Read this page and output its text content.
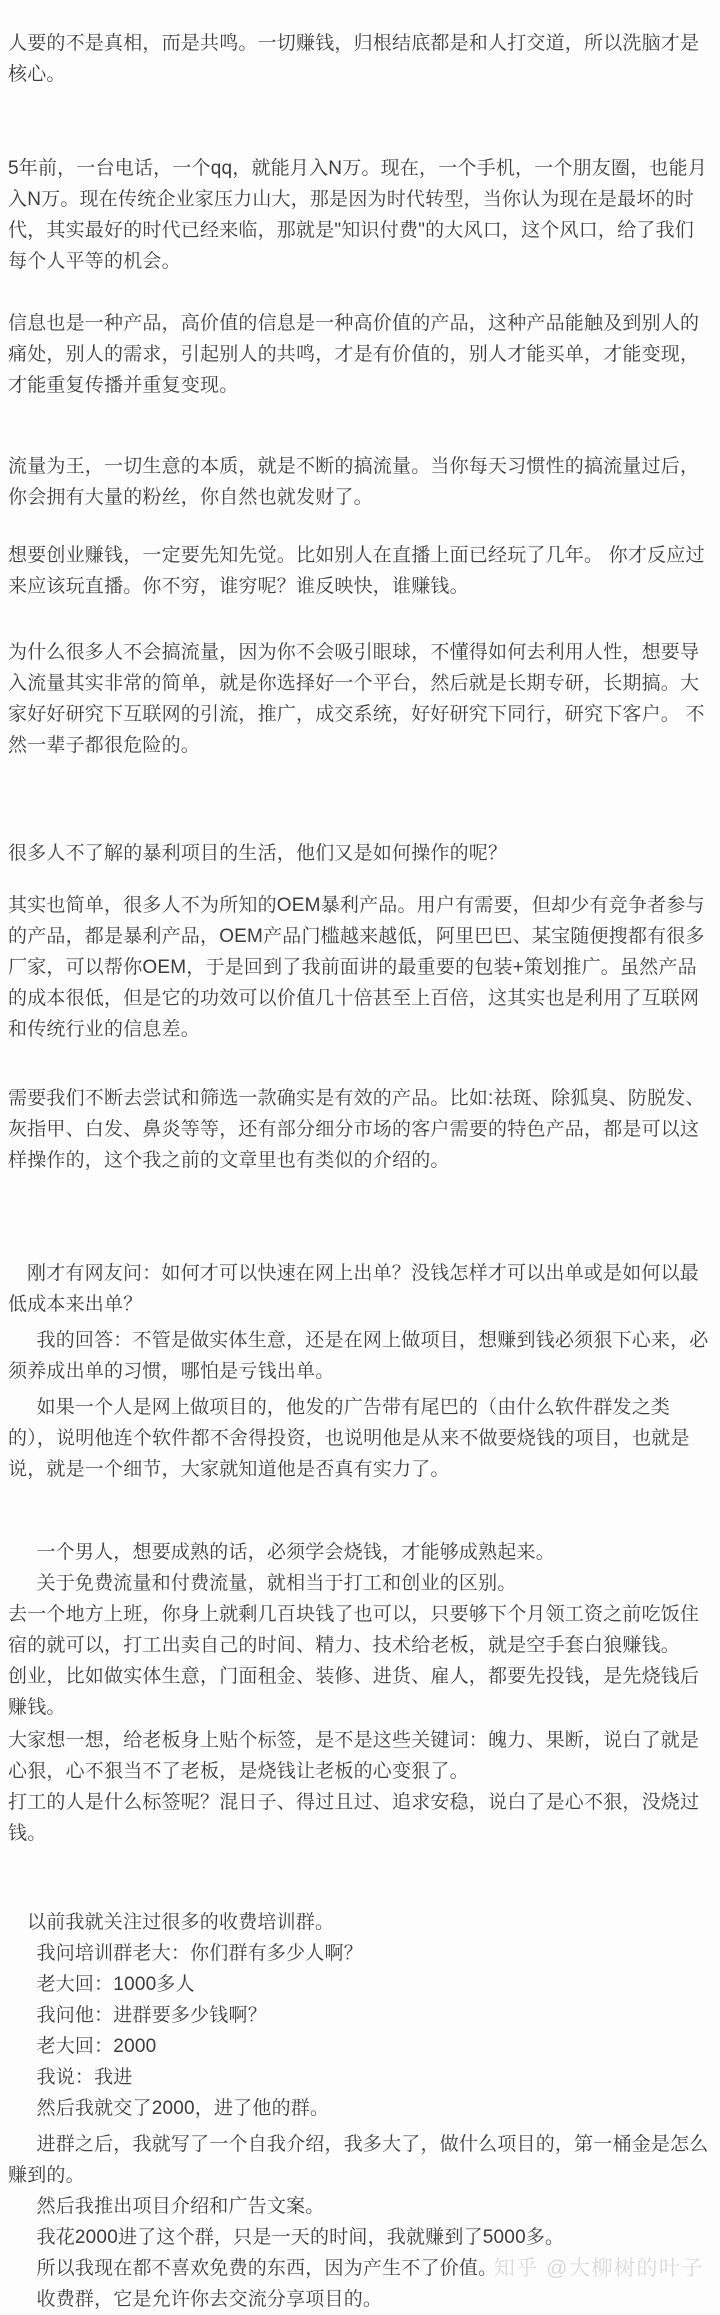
人要的不是真相，而是共鸣。一切赚钱，归根结底都是和人打交道，所以洗脑才是核心。

5年前，一台电话，一个qq，就能月入N万。现在，一个手机，一个朋友圈，也能月入N万。现在传统企业家压力山大，那是因为时代转型，当你认为现在是最坏的时代，其实最好的时代已经来临，那就是"知识付费"的大风口，这个风口，给了我们每个人平等的机会。

信息也是一种产品，高价值的信息是一种高价值的产品，这种产品能触及到别人的痛处，别人的需求，引起别人的共鸣，才是有价值的，别人才能买单，才能变现，才能重复传播并重复变现。

流量为王，一切生意的本质，就是不断的搞流量。当你每天习惯性的搞流量过后，你会拥有大量的粉丝，你自然也就发财了。

想要创业赚钱，一定要先知先觉。比如别人在直播上面已经玩了几年。 你才反应过 来应该玩直播。你不穷，谁穷呢？谁反映快，谁赚钱。

为什么很多人不会搞流量，因为你不会吸引眼球，不懂得如何去利用人性，想要导入流量其实非常的简单，就是你选择好一个平台，然后就是长期专研，长期搞。大家好好研究下互联网的引流，推广，成交系统，好好研究下同行，研究下客户。 不然一辈子都很危险的。

很多人不了解的暴利项目的生活，他们又是如何操作的呢？

其实也简单，很多人不为所知的OEM暴利产品。用户有需要，但却少有竞争者参与的产品，都是暴利产品，OEM产品门槛越来越低，阿里巴巴、某宝随便搜都有很多厂家，可以帮你OEM，于是回到了我前面讲的最重要的包装+策划推广。虽然产品的成本很低，但是它的功效可以价值几十倍甚至上百倍，这其实也是利用了互联网和传统行业的信息差。

需要我们不断去尝试和筛选一款确实是有效的产品。比如:祛斑、除狐臭、防脱发、灰指甲、白发、鼻炎等等，还有部分细分市场的客户需要的特色产品，都是可以这样操作的，这个我之前的文章里也有类似的介绍的。

刚才有网友问：如何才可以快速在网上出单？没钱怎样才可以出单或是如何以最低成本来出单？

我的回答：不管是做实体生意，还是在网上做项目，想赚到钱必须狠下心来，必须养成出单的习惯，哪怕是亏钱出单。

如果一个人是网上做项目的，他发的广告带有尾巴的（由什么软件群发之类的），说明他连个软件都不舍得投资，也说明他是从来不做要烧钱的项目，也就是说，就是一个细节，大家就知道他是否真有实力了。

一个男人，想要成熟的话，必须学会烧钱，才能够成熟起来。

关于免费流量和付费流量，就相当于打工和创业的区别。

去一个地方上班，你身上就剩几百块钱了也可以，只要够下个月领工资之前吃饭住宿的就可以，打工出卖自己的时间、精力、技术给老板，就是空手套白狼赚钱。

创业，比如做实体生意，门面租金、装修、进货、雇人，都要先投钱，是先烧钱后赚钱。

大家想一想，给老板身上贴个标签，是不是这些关键词：魄力、果断，说白了就是心狠，心不狠当不了老板，是烧钱让老板的心变狠了。

打工的人是什么标签呢？混日子、得过且过、追求安稳，说白了是心不狠，没烧过钱。

以前我就关注过很多的收费培训群。

我问培训群老大：你们群有多少人啊？

老大回：1000多人

我问他：进群要多少钱啊？

老大回：2000

我说：我进

然后我就交了2000，进了他的群。

进群之后，我就写了一个自我介绍，我多大了，做什么项目的，第一桶金是怎么赚到的。

然后我推出项目介绍和广告文案。

我花2000进了这个群，只是一天的时间，我就赚到了5000多。

所以我现在都不喜欢免费的东西，因为产生不了价值。

收费群，它是允许你去交流分享项目的。

知乎 @大柳树的叶子
